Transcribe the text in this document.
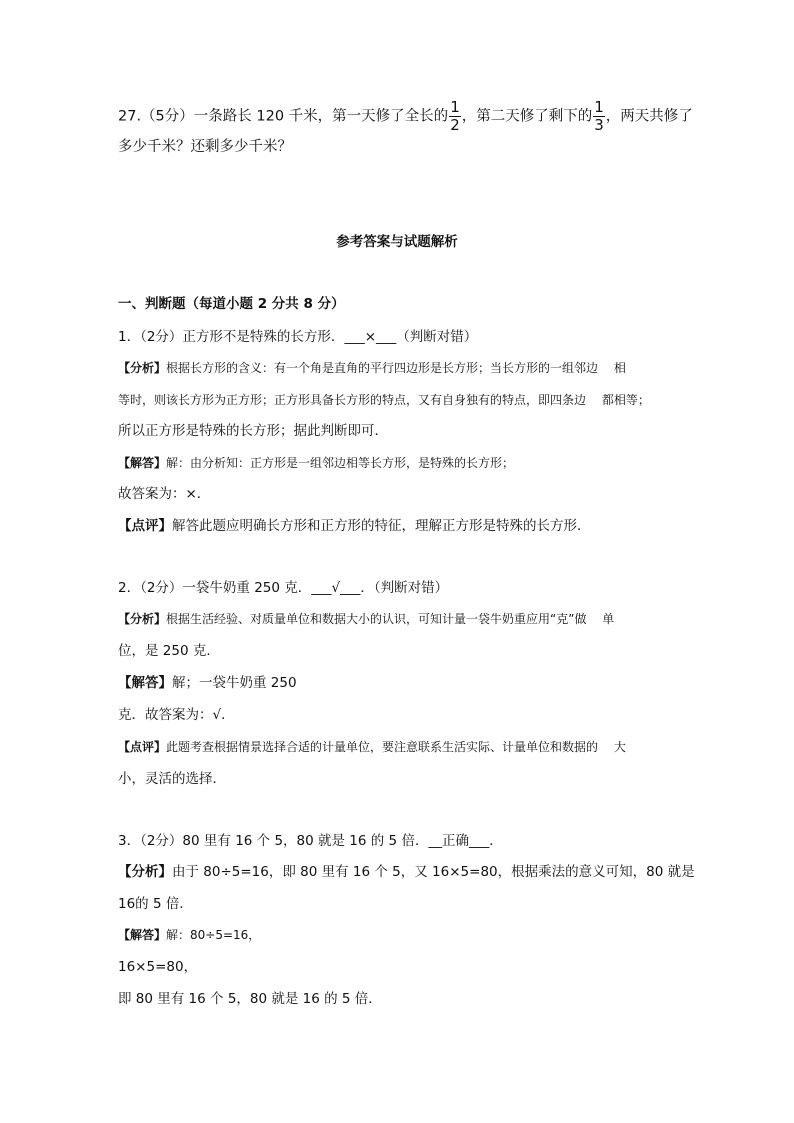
27.（5分）一条路长 120 千米，第一天修了全长的 $\frac{1}{2}$ ，第二天修了剩下的 $\frac{1}{3}$ ，两天共修了
多少千米？还剩多少千米？
参考答案与试题解析
一、判断题（每道小题 2 分共 8 分）
1．（2分）正方形不是特殊的长方形．___×___（判断对错）
【分析】根据长方形的含义：有一个角是直角的平行四边形是长方形；当长方形的一组邻边　 相
等时，则该长方形为正方形；正方形具备长方形的特点，又有自身独有的特点，即四条边　 都相等；
所以正方形是特殊的长方形；据此判断即可．
【解答】解：由分析知：正方形是一组邻边相等长方形，是特殊的长方形；
故答案为：×．
【点评】解答此题应明确长方形和正方形的特征，理解正方形是特殊的长方形．
2．（2分）一袋牛奶重 250 克．___√___．（判断对错）
【分析】根据生活经验、对质量单位和数据大小的认识，可知计量一袋牛奶重应用“克”做　 单
位，是 250 克．
【解答】解；一袋牛奶重 250
克．故答案为：√．
【点评】此题考查根据情景选择合适的计量单位，要注意联系生活实际、计量单位和数据的　 大
小，灵活的选择．
3．（2分）80 里有 16 个 5，80 就是 16 的 5 倍．__正确___．
【分析】由于 80÷5=16，即 80 里有 16 个 5，又 16×5=80，根据乘法的意义可知，80 就是
16的 5 倍．
【解答】解：80÷5=16，
16×5=80，
即 80 里有 16 个 5，80 就是 16 的 5 倍．
